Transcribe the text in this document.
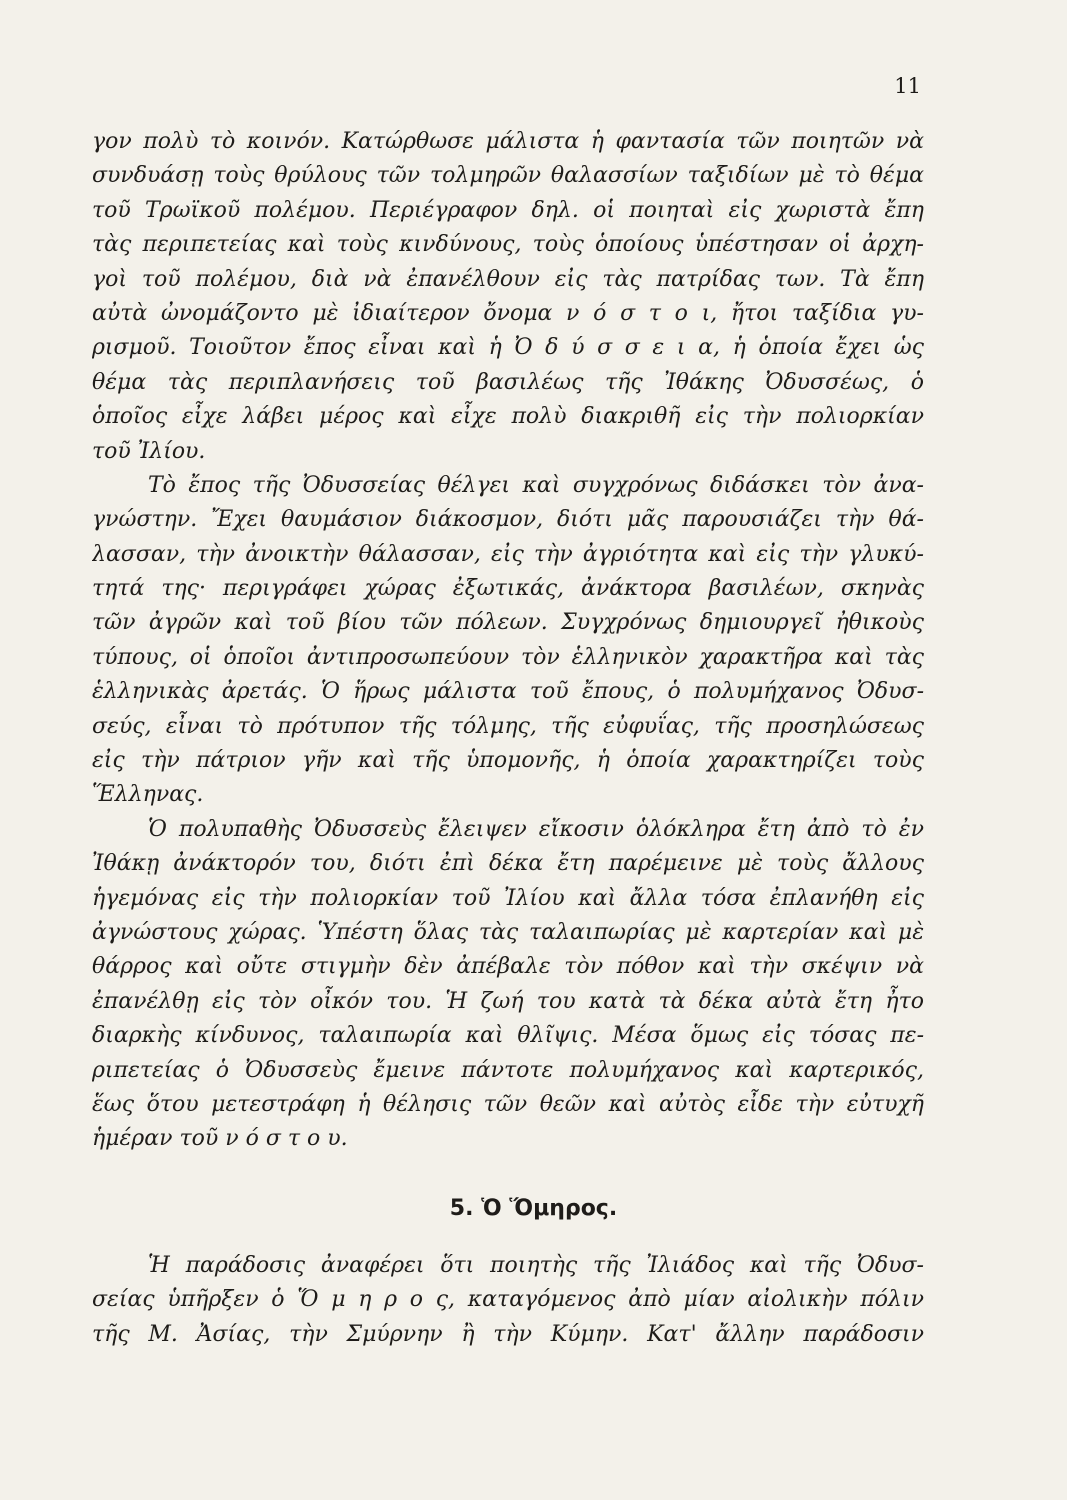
11
γον πολὺ τὸ κοινόν. Κατώρθωσε μάλιστα ἡ φαντασία τῶν ποιητῶν νὰ
συνδυάσῃ τοὺς θρύλους τῶν τολμηρῶν θαλασσίων ταξιδίων μὲ τὸ θέμα
τοῦ Τρωϊκοῦ πολέμου. Περιέγραφον δηλ. οἱ ποιηταὶ εἰς χωριστὰ ἔπη
τὰς περιπετείας καὶ τοὺς κινδύνους, τοὺς ὁποίους ὑπέστησαν οἱ ἀρχη-
γοὶ τοῦ πολέμου, διὰ νὰ ἐπανέλθουν εἰς τὰς πατρίδας των. Τὰ ἔπη
αὐτὰ ὠνομάζοντο μὲ ἰδιαίτερον ὄνομα ν ό σ τ ο ι, ἤτοι ταξίδια γυ-
ρισμοῦ. Τοιοῦτον ἔπος εἶναι καὶ ἡ Ὀ δ ύ σ σ ε ι α, ἡ ὁποία ἔχει ὡς
θέμα τὰς περιπλανήσεις τοῦ βασιλέως τῆς Ἰθάκης Ὀδυσσέως, ὁ
ὁποῖος εἶχε λάβει μέρος καὶ εἶχε πολὺ διακριθῆ εἰς τὴν πολιορκίαν
τοῦ Ἰλίου.
Τὸ ἔπος τῆς Ὀδυσσείας θέλγει καὶ συγχρόνως διδάσκει τὸν ἀνα-
γνώστην. Ἔχει θαυμάσιον διάκοσμον, διότι μᾶς παρουσιάζει τὴν θά-
λασσαν, τὴν ἀνοικτὴν θάλασσαν, εἰς τὴν ἀγριότητα καὶ εἰς τὴν γλυκύ-
τητά της· περιγράφει χώρας ἐξωτικάς, ἀνάκτορα βασιλέων, σκηνὰς
τῶν ἀγρῶν καὶ τοῦ βίου τῶν πόλεων. Συγχρόνως δημιουργεῖ ἠθικοὺς
τύπους, οἱ ὁποῖοι ἀντιπροσωπεύουν τὸν ἑλληνικὸν χαρακτῆρα καὶ τὰς
ἑλληνικὰς ἀρετάς. Ὁ ἥρως μάλιστα τοῦ ἔπους, ὁ πολυμήχανος Ὀδυσ-
σεύς, εἶναι τὸ πρότυπον τῆς τόλμης, τῆς εὐφυΐας, τῆς προσηλώσεως
εἰς τὴν πάτριον γῆν καὶ τῆς ὑπομονῆς, ἡ ὁποία χαρακτηρίζει τοὺς
Ἕλληνας.
Ὁ πολυπαθὴς Ὀδυσσεὺς ἔλειψεν εἴκοσιν ὁλόκληρα ἔτη ἀπὸ τὸ ἐν
Ἰθάκῃ ἀνάκτορόν του, διότι ἐπὶ δέκα ἔτη παρέμεινε μὲ τοὺς ἄλλους
ἡγεμόνας εἰς τὴν πολιορκίαν τοῦ Ἰλίου καὶ ἄλλα τόσα ἐπλανήθη εἰς
ἀγνώστους χώρας. Ὑπέστη ὅλας τὰς ταλαιπωρίας μὲ καρτερίαν καὶ μὲ
θάρρος καὶ οὔτε στιγμὴν δὲν ἀπέβαλε τὸν πόθον καὶ τὴν σκέψιν νὰ
ἐπανέλθῃ εἰς τὸν οἶκόν του. Ἡ ζωή του κατὰ τὰ δέκα αὐτὰ ἔτη ἦτο
διαρκὴς κίνδυνος, ταλαιπωρία καὶ θλῖψις. Μέσα ὅμως εἰς τόσας πε-
ριπετείας ὁ Ὀδυσσεὺς ἔμεινε πάντοτε πολυμήχανος καὶ καρτερικός,
ἕως ὅτου μετεστράφη ἡ θέλησις τῶν θεῶν καὶ αὐτὸς εἶδε τὴν εὐτυχῆ
ἡμέραν τοῦ ν ό σ τ ο υ.
5. Ὁ Ὅμηρος.
Ἡ παράδοσις ἀναφέρει ὅτι ποιητὴς τῆς Ἰλιάδος καὶ τῆς Ὀδυσ-
σείας ὑπῆρξεν ὁ Ὅ μ η ρ ο ς, καταγόμενος ἀπὸ μίαν αἰολικὴν πόλιν
τῆς Μ. Ἀσίας, τὴν Σμύρνην ἢ τὴν Κύμην. Κατ' ἄλλην παράδοσιν
